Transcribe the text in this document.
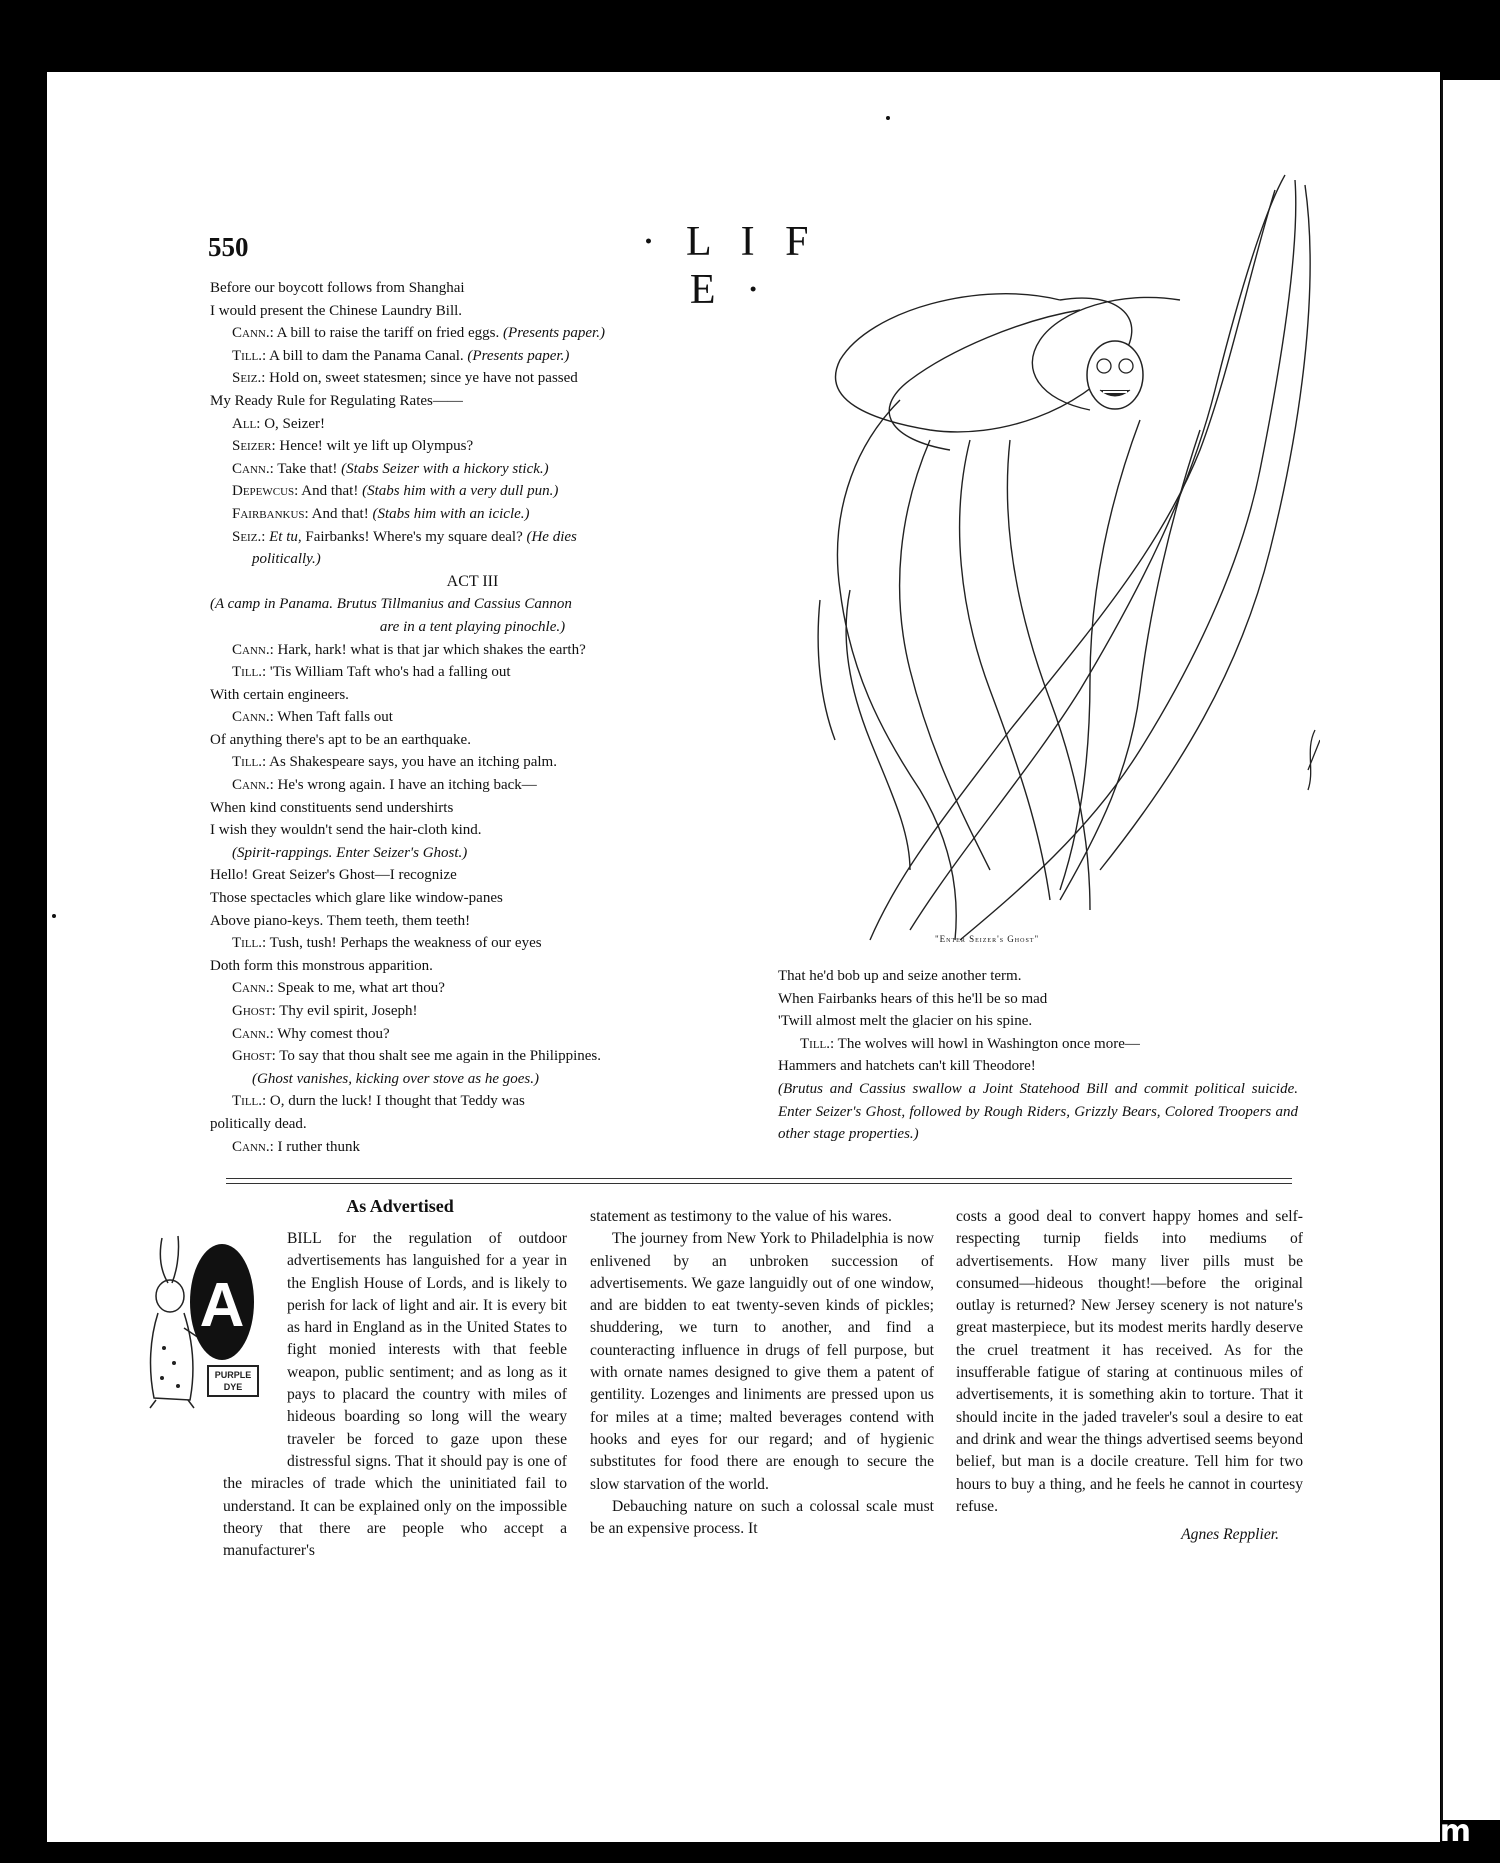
550	· L I F E ·

Before our boycott follows from Shanghai

I would present the Chinese Laundry Bill.

Cann.: A bill to raise the tariff on fried eggs. (Presents paper.)

Till.: A bill to dam the Panama Canal. (Presents paper.)

Seiz.: Hold on, sweet statesmen; since ye have not passed

My Ready Rule for Regulating Rates——

All: O, Seizer!

Seizer: Hence! wilt ye lift up Olympus?

Cann.: Take that! (Stabs Seizer with a hickory stick.)

Depewcus: And that! (Stabs him with a very dull pun.)

Fairbankus: And that! (Stabs him with an icicle.)

Seiz.: Et tu, Fairbanks! Where's my square deal? (He dies

politically.)

ACT III

(A camp in Panama. Brutus Tillmanius and Cassius Cannon

are in a tent playing pinochle.)

Cann.: Hark, hark! what is that jar which shakes the earth?

Till.: 'Tis William Taft who's had a falling out

With certain engineers.

Cann.: When Taft falls out

Of anything there's apt to be an earthquake.

Till.: As Shakespeare says, you have an itching palm.

Cann.: He's wrong again. I have an itching back—

When kind constituents send undershirts

I wish they wouldn't send the hair-cloth kind.

(Spirit-rappings. Enter Seizer's Ghost.)

Hello! Great Seizer's Ghost—I recognize

Those spectacles which glare like window-panes

Above piano-keys. Them teeth, them teeth!

Till.: Tush, tush! Perhaps the weakness of our eyes

Doth form this monstrous apparition.

Cann.: Speak to me, what art thou?

Ghost: Thy evil spirit, Joseph!

Cann.: Why comest thou?

Ghost: To say that thou shalt see me again in the Philippines.

(Ghost vanishes, kicking over stove as he goes.)

Till.: O, durn the luck! I thought that Teddy was

politically dead.

Cann.: I ruther thunk

"Enter Seizer's Ghost"

That he'd bob up and seize another term.

When Fairbanks hears of this he'll be so mad

'Twill almost melt the glacier on his spine.

Till.: The wolves will howl in Washington once more—

Hammers and hatchets can't kill Theodore!

(Brutus and Cassius swallow a Joint Statehood Bill and commit political suicide. Enter Seizer's Ghost, followed by Rough Riders, Grizzly Bears, Colored Troopers and other stage properties.)

As Advertised
A
PURPLE
DYE

BILL for the regulation of outdoor advertisements has languished for a year in the English House of Lords, and is likely to perish for lack of light and air. It is every bit as hard in England as in the United States to fight monied interests with that feeble weapon, public sentiment; and as long as it pays to placard the country with miles of hideous boarding so long will the weary traveler be forced to gaze upon these distressful signs. That it should pay is one of the miracles of trade which the uninitiated fail to understand. It can be explained only on the impossible theory that there are people who accept a manufacturer's

statement as testimony to the value of his wares.

The journey from New York to Philadelphia is now enlivened by an unbroken succession of advertisements. We gaze languidly out of one window, and are bidden to eat twenty-seven kinds of pickles; shuddering, we turn to another, and find a counteracting influence in drugs of fell purpose, but with ornate names designed to give them a patent of gentility. Lozenges and liniments are pressed upon us for miles at a time; malted beverages contend with hooks and eyes for our regard; and of hygienic substitutes for food there are enough to secure the slow starvation of the world.

Debauching nature on such a colossal scale must be an expensive process. It

costs a good deal to convert happy homes and self-respecting turnip fields into mediums of advertisements. How many liver pills must be consumed—hideous thought!—before the original outlay is returned? New Jersey scenery is not nature's great masterpiece, but its modest merits hardly deserve the cruel treatment it has received. As for the insufferable fatigue of staring at continuous miles of advertisements, it is something akin to torture. That it should incite in the jaded traveler's soul a desire to eat and drink and wear the things advertised seems beyond belief, but man is a docile creature. Tell him for two hours to buy a thing, and he feels he cannot in courtesy refuse.

Agnes Repplier.

comicbooks.com
